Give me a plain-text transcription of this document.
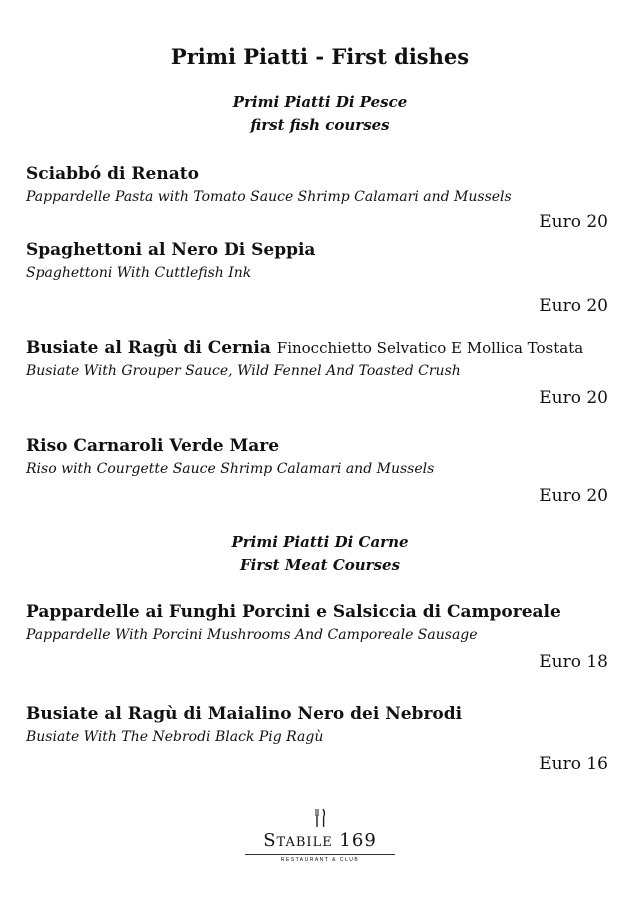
Primi Piatti - First dishes
Primi Piatti Di Pesce
first fish courses
Sciabbó di Renato
Pappardelle Pasta with Tomato Sauce Shrimp Calamari and Mussels
Euro 20
Spaghettoni al Nero Di Seppia
Spaghettoni With Cuttlefish Ink
Euro 20
Busiate al Ragù di Cernia Finocchietto Selvatico E Mollica Tostata
Busiate With Grouper Sauce, Wild Fennel And Toasted Crush
Euro 20
Riso Carnaroli Verde Mare
Riso with Courgette Sauce Shrimp Calamari and Mussels
Euro 20
Primi Piatti Di Carne
First Meat Courses
Pappardelle ai Funghi Porcini e Salsiccia di Camporeale
Pappardelle With Porcini Mushrooms And Camporeale Sausage
Euro 18
Busiate al Ragù di Maialino Nero dei Nebrodi
Busiate With The Nebrodi Black Pig Ragù
Euro 16
Stabile 169
RESTAURANT & CLUB
